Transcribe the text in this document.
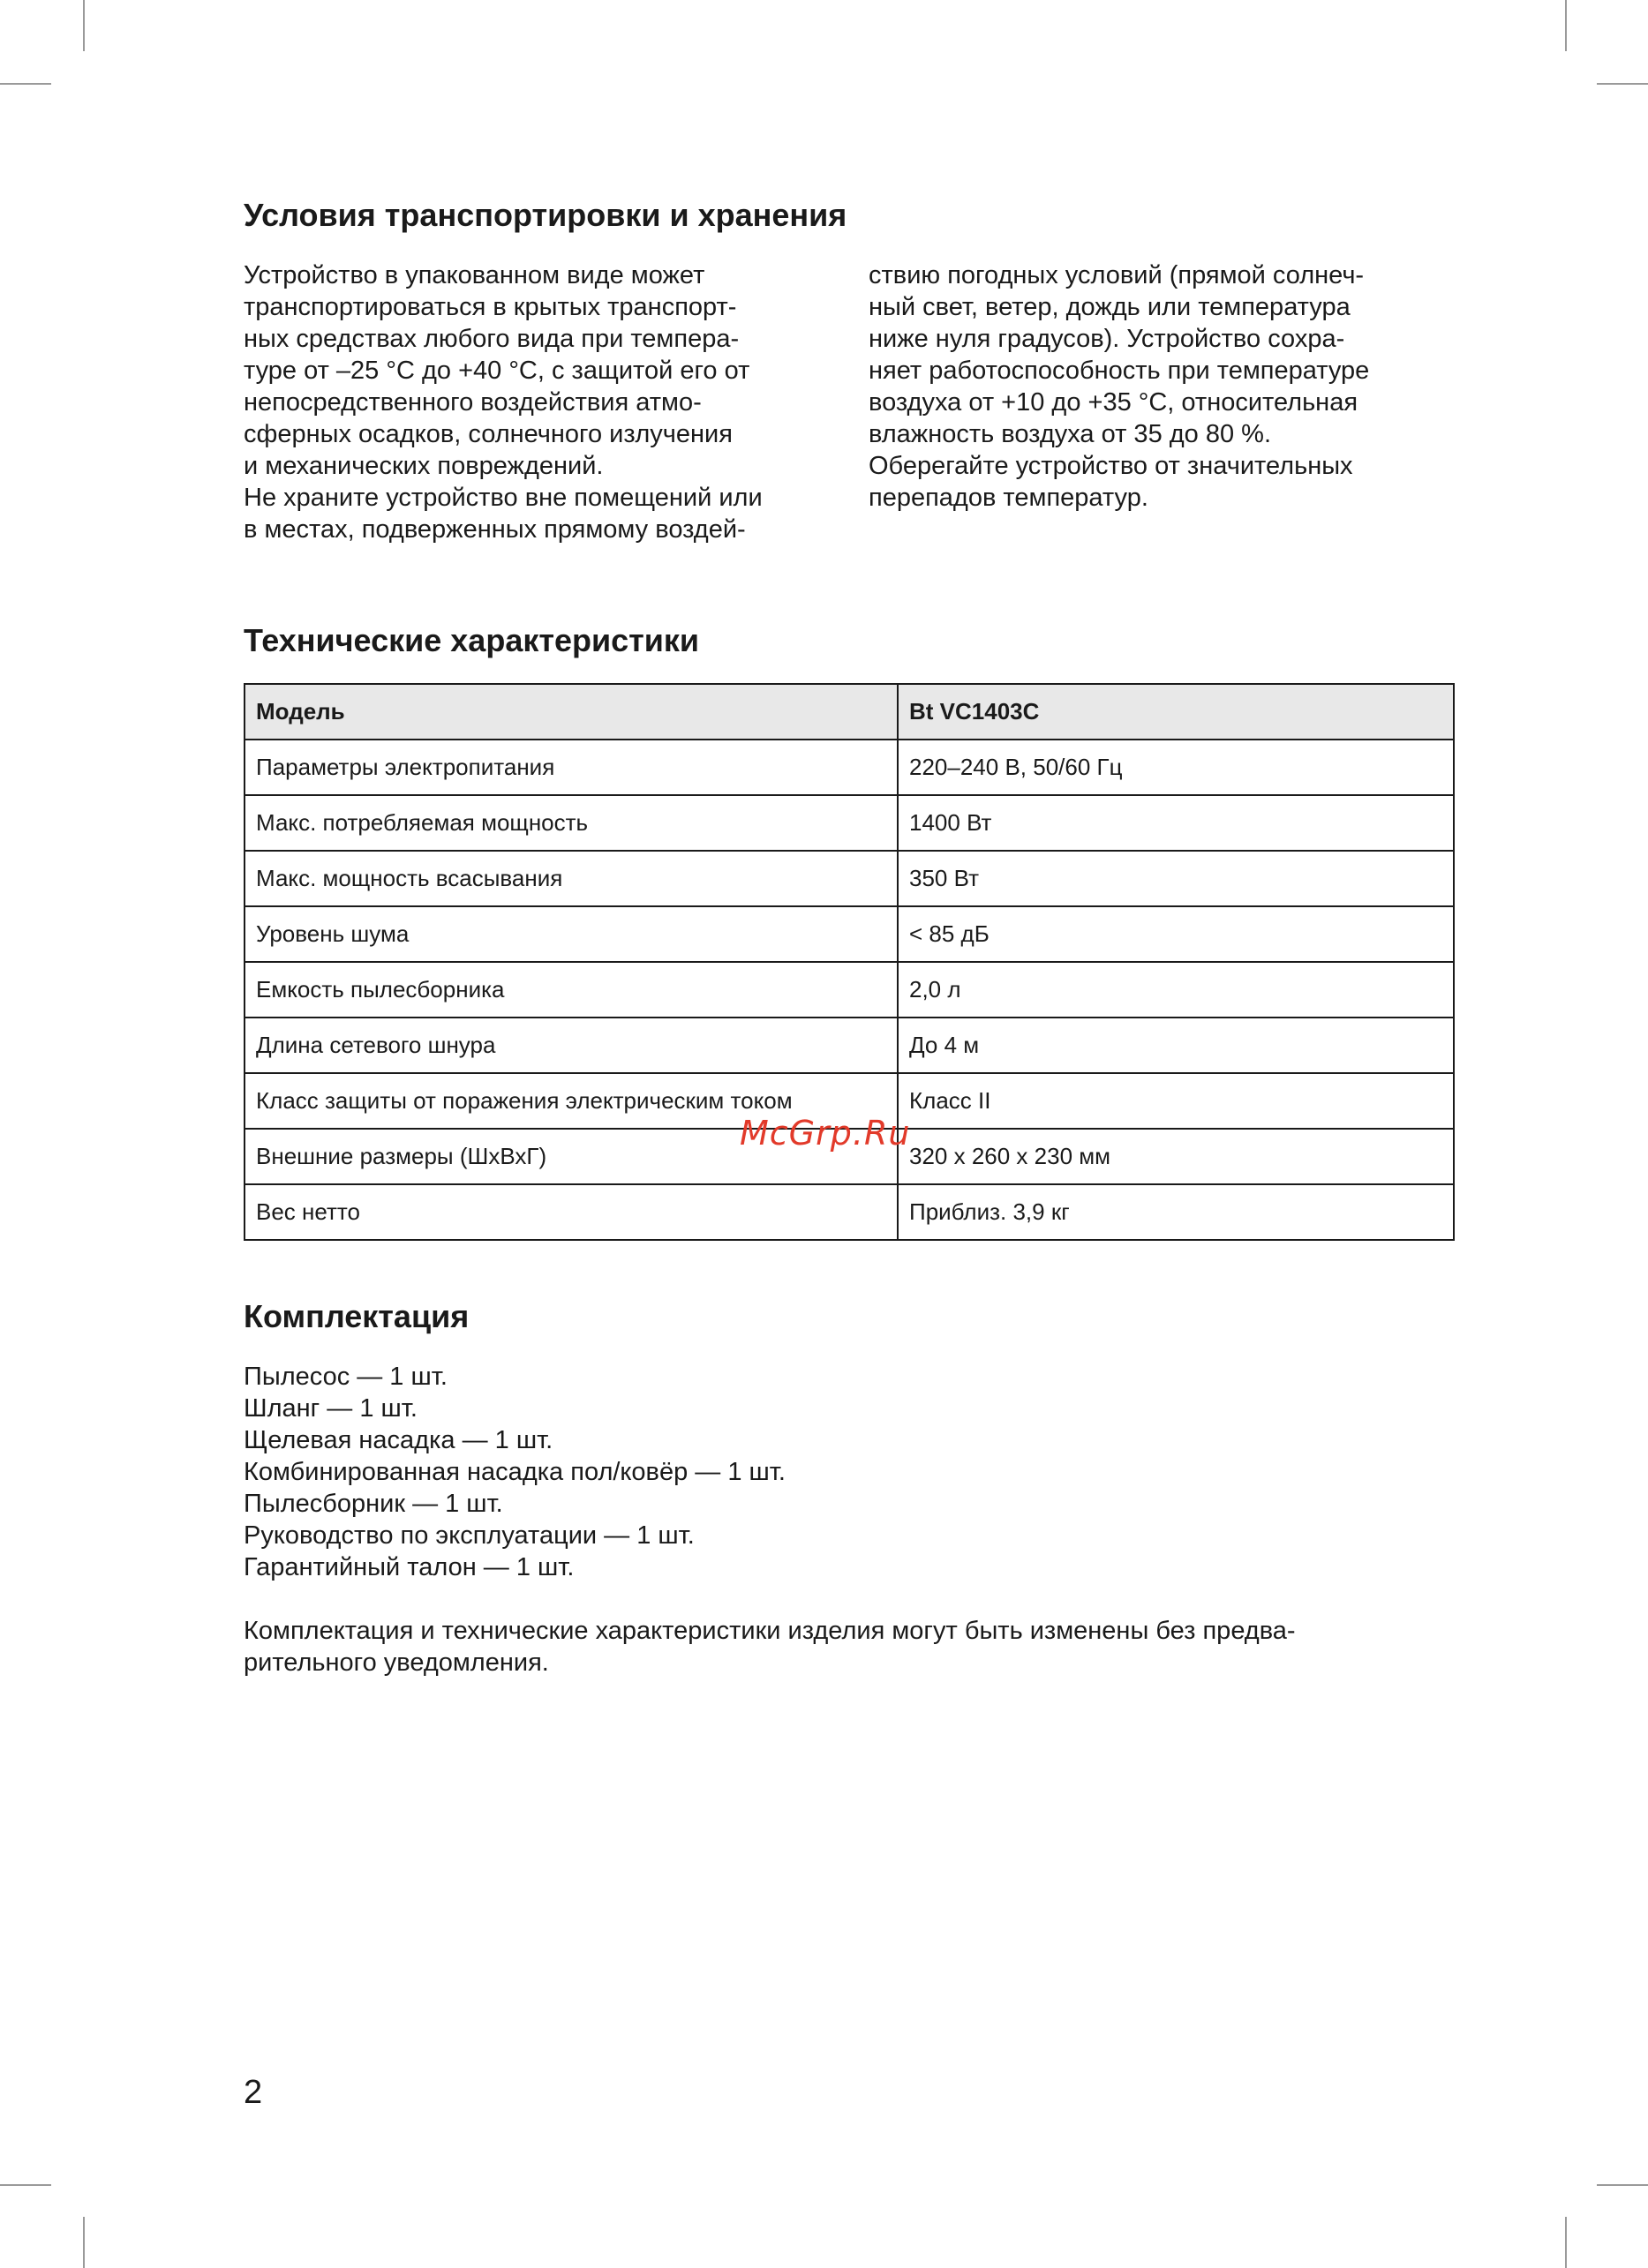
Условия транспортировки и хранения

Устройство в упакованном виде может
транспортироваться в крытых транспорт-
ных средствах любого вида при темпера-
туре от –25 °C до +40 °C, с защитой его от
непосредственного воздействия атмо-
сферных осадков, солнечного излучения
и механических повреждений.
Не храните устройство вне помещений или
в местах, подверженных прямому воздей-

ствию погодных условий (прямой солнеч-
ный свет, ветер, дождь или температура
ниже нуля градусов). Устройство сохра-
няет работоспособность при температуре
воздуха от +10 до +35 °C, относительная
влажность воздуха от 35 до 80 %.
Оберегайте устройство от значительных
перепадов температур.

Технические характеристики
Модель	Bt VC1403C
Параметры электропитания	220–240 В, 50/60 Гц
Макс. потребляемая мощность	1400 Вт
Макс. мощность всасывания	350 Вт
Уровень шума	< 85 дБ
Емкость пылесборника	2,0 л
Длина сетевого шнура	До 4 м
Класс защиты от поражения электрическим током	Класс II
Внешние размеры (ШхВхГ)	320 х 260 х 230 мм
Вес нетто	Приблиз. 3,9 кг
Комплектация
Пылесос — 1 шт.
Шланг — 1 шт.
Щелевая насадка — 1 шт.
Комбинированная насадка пол/ковёр — 1 шт.
Пылесборник — 1 шт.
Руководство по эксплуатации — 1 шт.
Гарантийный талон — 1 шт.
Комплектация и технические характеристики изделия могут быть изменены без предва-
рительного уведомления.
McGrp.Ru
2
